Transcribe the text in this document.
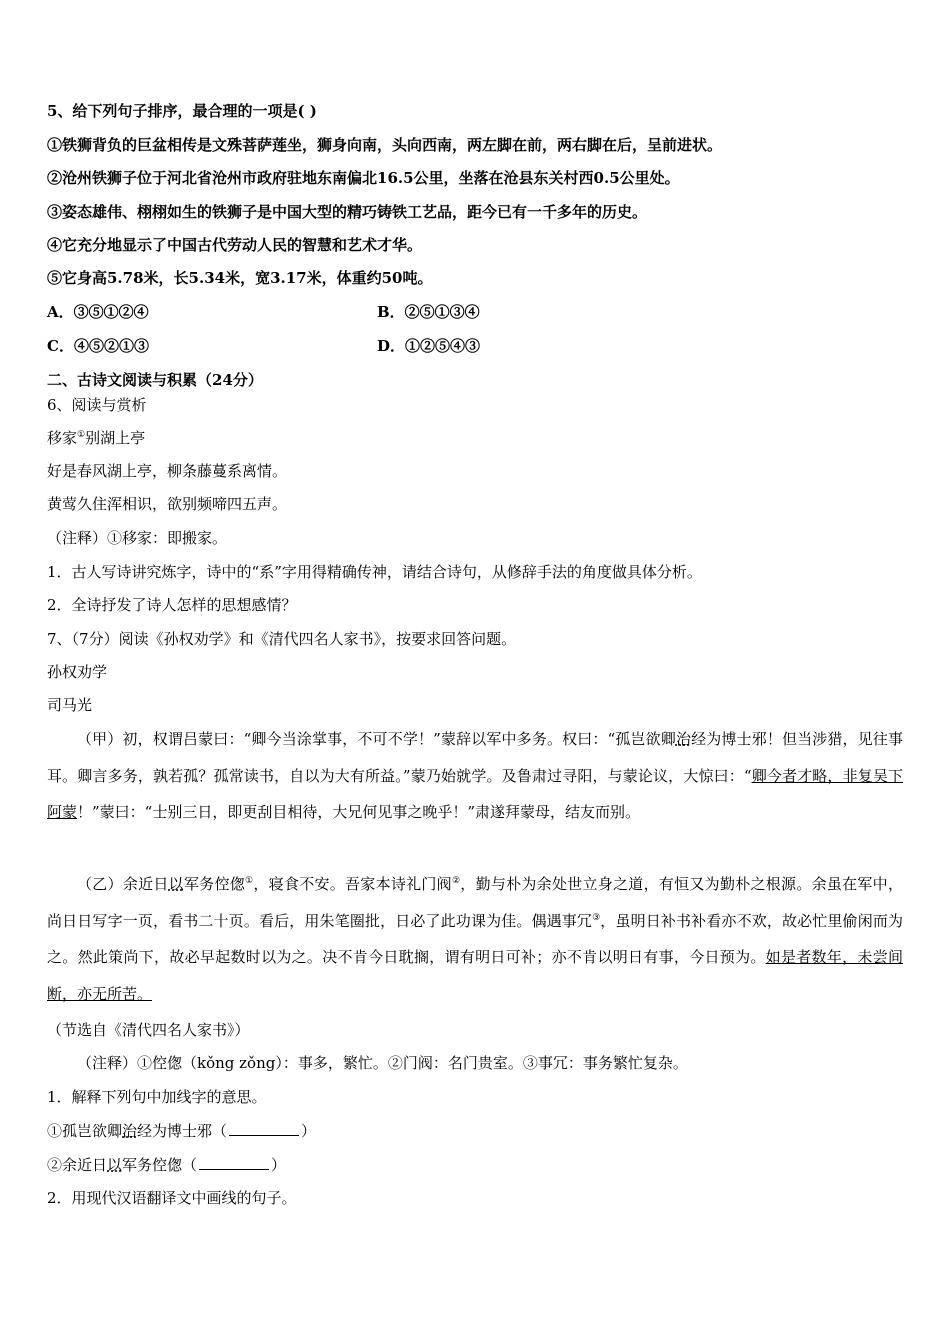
5、给下列句子排序，最合理的一项是( )
①铁狮背负的巨盆相传是文殊菩萨莲坐，狮身向南，头向西南，两左脚在前，两右脚在后，呈前进状。
②沧州铁狮子位于河北省沧州市政府驻地东南偏北16.5公里，坐落在沧县东关村西0.5公里处。
③姿态雄伟、栩栩如生的铁狮子是中国大型的精巧铸铁工艺品，距今已有一千多年的历史。
④它充分地显示了中国古代劳动人民的智慧和艺术才华。
⑤它身高5.78米，长5.34米，宽3.17米，体重约50吨。
A．③⑤①②④	B．②⑤①③④
C．④⑤②①③	D．①②⑤④③
二、古诗文阅读与积累（24分）
6、阅读与赏析
移家①别湖上亭
好是春风湖上亭，柳条藤蔓系离情。
黄莺久住浑相识，欲别频啼四五声。
（注释）①移家：即搬家。
1．古人写诗讲究炼字，诗中的“系”字用得精确传神，请结合诗句，从修辞手法的角度做具体分析。
2．全诗抒发了诗人怎样的思想感情？
7、（7分）阅读《孙权劝学》和《清代四名人家书》，按要求回答问题。
孙权劝学
司马光

（甲）初，权谓吕蒙曰：“卿今当涂掌事，不可不学！”蒙辞以军中多务。权曰：“孤岂欲卿治经为博士邪！但当涉猎，见往事耳。卿言多务，孰若孤？孤常读书，自以为大有所益。”蒙乃始就学。及鲁肃过寻阳，与蒙论议，大惊曰：“卿今者才略，非复吴下阿蒙！”蒙曰：“士别三日，即更刮目相待，大兄何见事之晚乎！”肃遂拜蒙母，结友而别。

（乙）余近日以军务倥偬①，寝食不安。吾家本诗礼门阀②，勤与朴为余处世立身之道，有恒又为勤朴之根源。余虽在军中，尚日日写字一页，看书二十页。看后，用朱笔圈批，日必了此功课为佳。偶遇事冗③，虽明日补书补看亦不欢，故必忙里偷闲而为之。然此策尚下，故必早起数时以为之。决不肯今日耽搁，谓有明日可补；亦不肯以明日有事，今日预为。如是者数年，未尝间断，亦无所苦。

（节选自《清代四名人家书》）
（注释）①倥偬（kǒng zǒng）：事多，繁忙。②门阀：名门贵室。③事冗：事务繁忙复杂。
1．解释下列句中加线字的意思。
①孤岂欲卿治经为博士邪（	）
②余近日以军务倥偬（	）
2．用现代汉语翻译文中画线的句子。
